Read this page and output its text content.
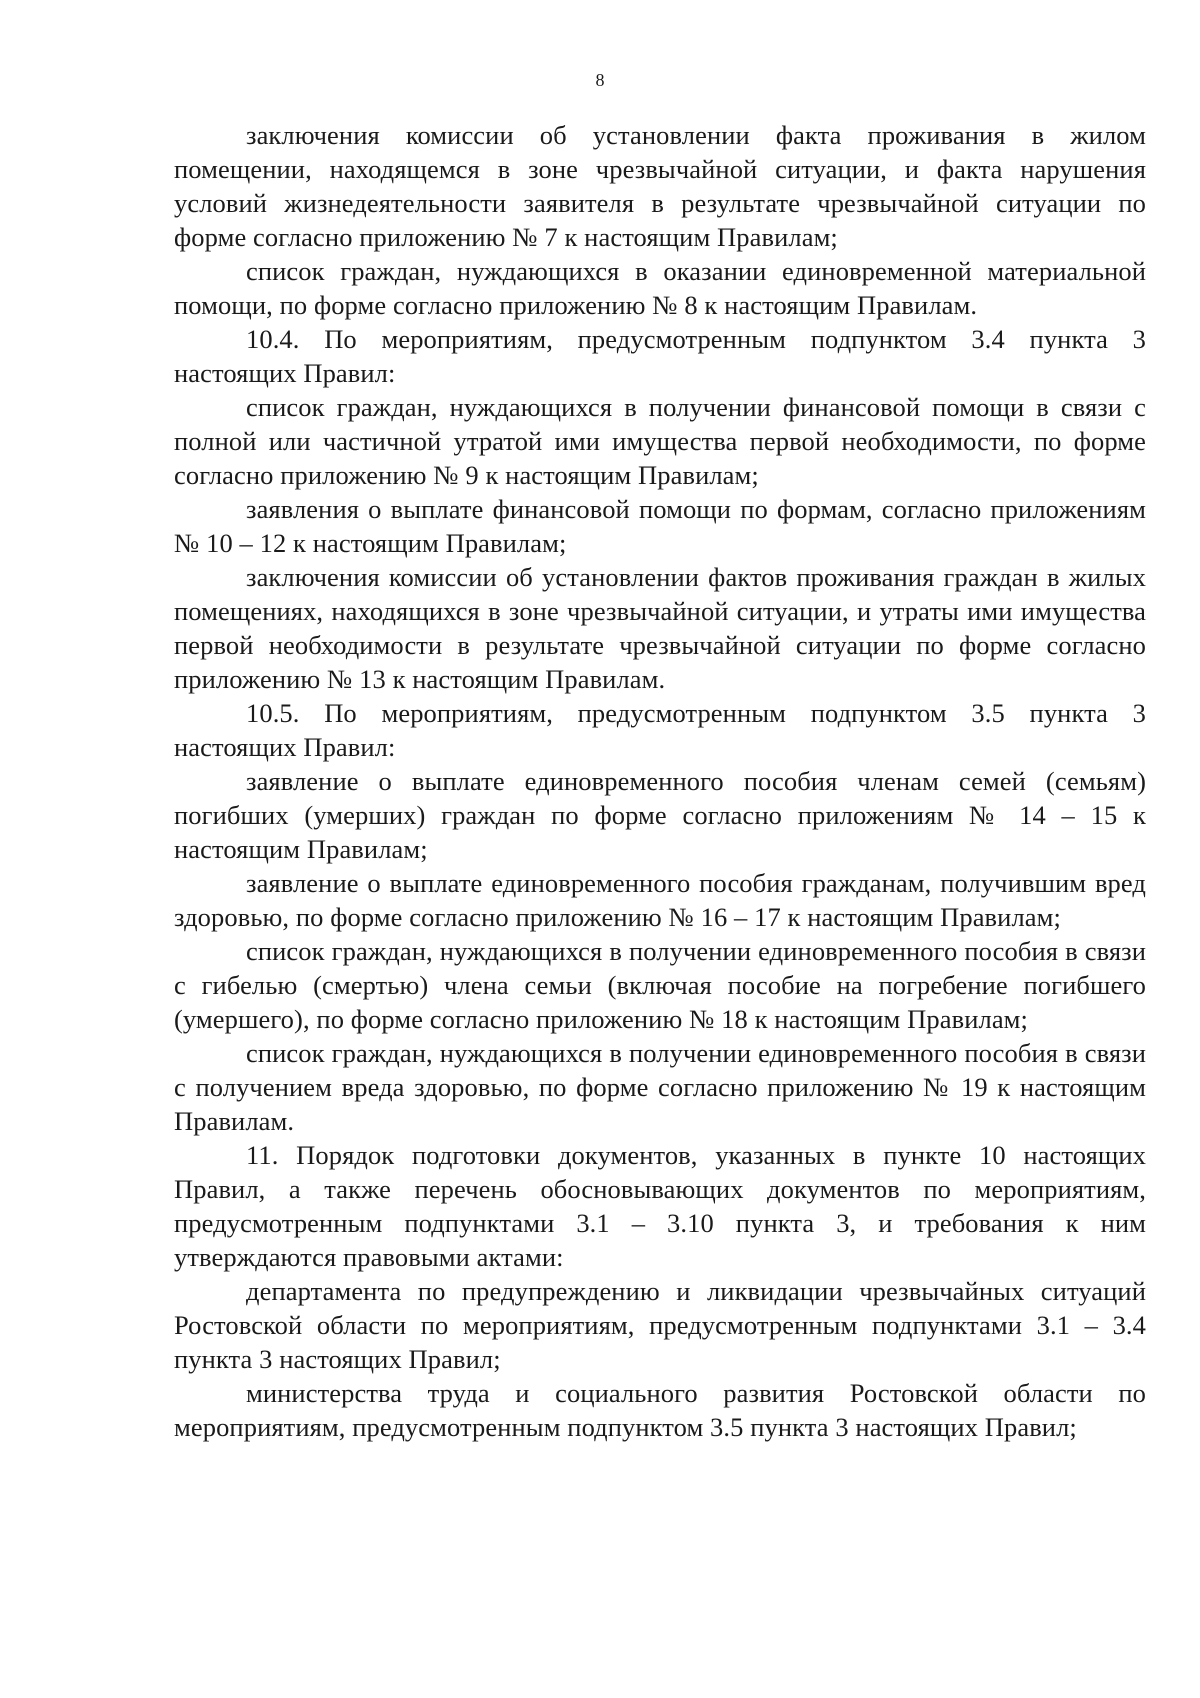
8

заключения комиссии об установлении факта проживания в жилом помещении, находящемся в зоне чрезвычайной ситуации, и факта нарушения условий жизнедеятельности заявителя в результате чрезвычайной ситуации по форме согласно приложению № 7 к настоящим Правилам;

список граждан, нуждающихся в оказании единовременной материальной помощи, по форме согласно приложению № 8 к настоящим Правилам.

10.4. По мероприятиям, предусмотренным подпунктом 3.4 пункта 3 настоящих Правил:

список граждан, нуждающихся в получении финансовой помощи в связи с полной или частичной утратой ими имущества первой необходимости, по форме согласно приложению № 9 к настоящим Правилам;

заявления о выплате финансовой помощи по формам, согласно приложениям № 10 – 12 к настоящим Правилам;

заключения комиссии об установлении фактов проживания граждан в жилых помещениях, находящихся в зоне чрезвычайной ситуации, и утраты ими имущества первой необходимости в результате чрезвычайной ситуации по форме согласно приложению № 13 к настоящим Правилам.

10.5. По мероприятиям, предусмотренным подпунктом 3.5 пункта 3 настоящих Правил:

заявление о выплате единовременного пособия членам семей (семьям) погибших (умерших) граждан по форме согласно приложениям № 14 – 15 к настоящим Правилам;

заявление о выплате единовременного пособия гражданам, получившим вред здоровью, по форме согласно приложению № 16 – 17 к настоящим Правилам;

список граждан, нуждающихся в получении единовременного пособия в связи с гибелью (смертью) члена семьи (включая пособие на погребение погибшего (умершего), по форме согласно приложению № 18 к настоящим Правилам;

список граждан, нуждающихся в получении единовременного пособия в связи с получением вреда здоровью, по форме согласно приложению № 19 к настоящим Правилам.

11. Порядок подготовки документов, указанных в пункте 10 настоящих Правил, а также перечень обосновывающих документов по мероприятиям, предусмотренным подпунктами 3.1 – 3.10 пункта 3, и требования к ним утверждаются правовыми актами:

департамента по предупреждению и ликвидации чрезвычайных ситуаций Ростовской области по мероприятиям, предусмотренным подпунктами 3.1 – 3.4 пункта 3 настоящих Правил;

министерства труда и социального развития Ростовской области по мероприятиям, предусмотренным подпунктом 3.5 пункта 3 настоящих Правил;
